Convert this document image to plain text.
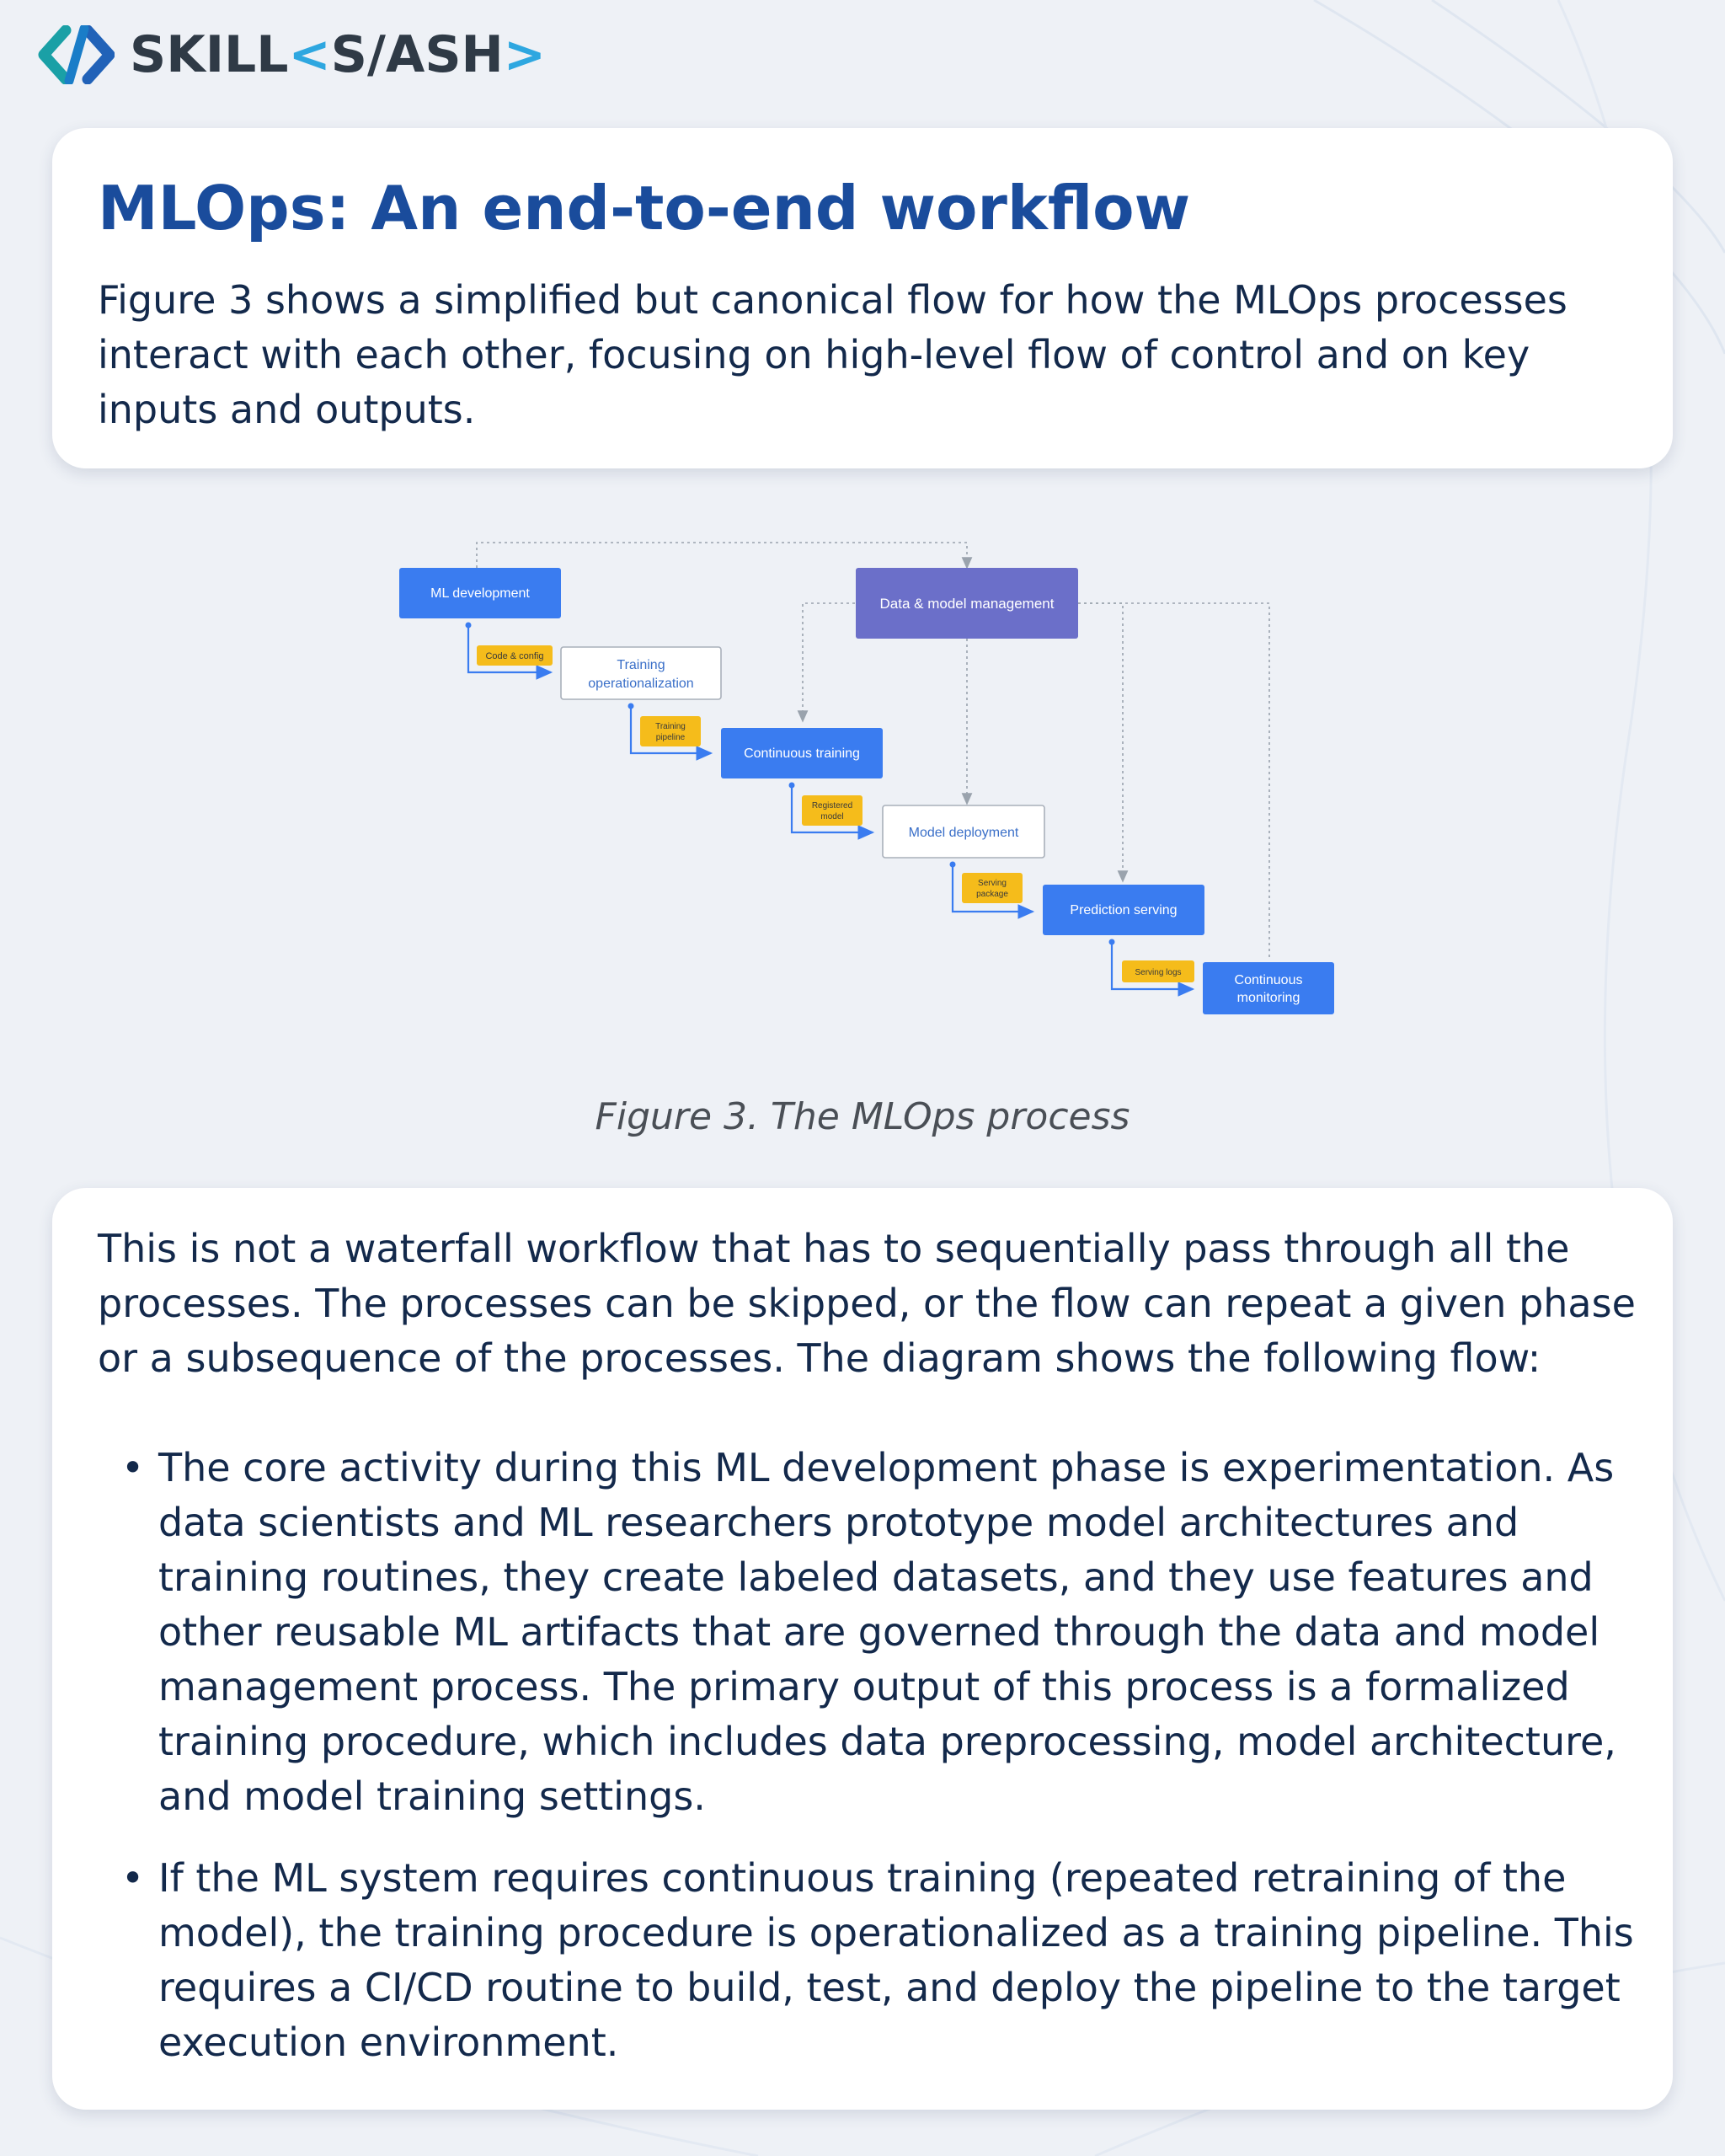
SKILL<S/ASH>
MLOps: An end-to-end workflow

Figure 3 shows a simplified but canonical flow for how the MLOps processes interact with each other, focusing on high-level flow of control and on key inputs and outputs.

ML development
Data & model management
Training
operationalization
Continuous training
Model deployment
Prediction serving
Continuous
monitoring
Code & config
Training
pipeline
Registered
model
Serving
package
Serving logs
Figure 3. The MLOps process

This is not a waterfall workflow that has to sequentially pass through all the processes. The processes can be skipped, or the flow can repeat a given phase or a subsequence of the processes. The diagram shows the following flow:

• The core activity during this ML development phase is experimentation. As data scientists and ML researchers prototype model architectures and training routines, they create labeled datasets, and they use features and other reusable ML artifacts that are governed through the data and model management process. The primary output of this process is a formalized training procedure, which includes data preprocessing, model architecture, and model training settings.
• If the ML system requires continuous training (repeated retraining of the model), the training procedure is operationalized as a training pipeline. This requires a CI/CD routine to build, test, and deploy the pipeline to the target execution environment.
